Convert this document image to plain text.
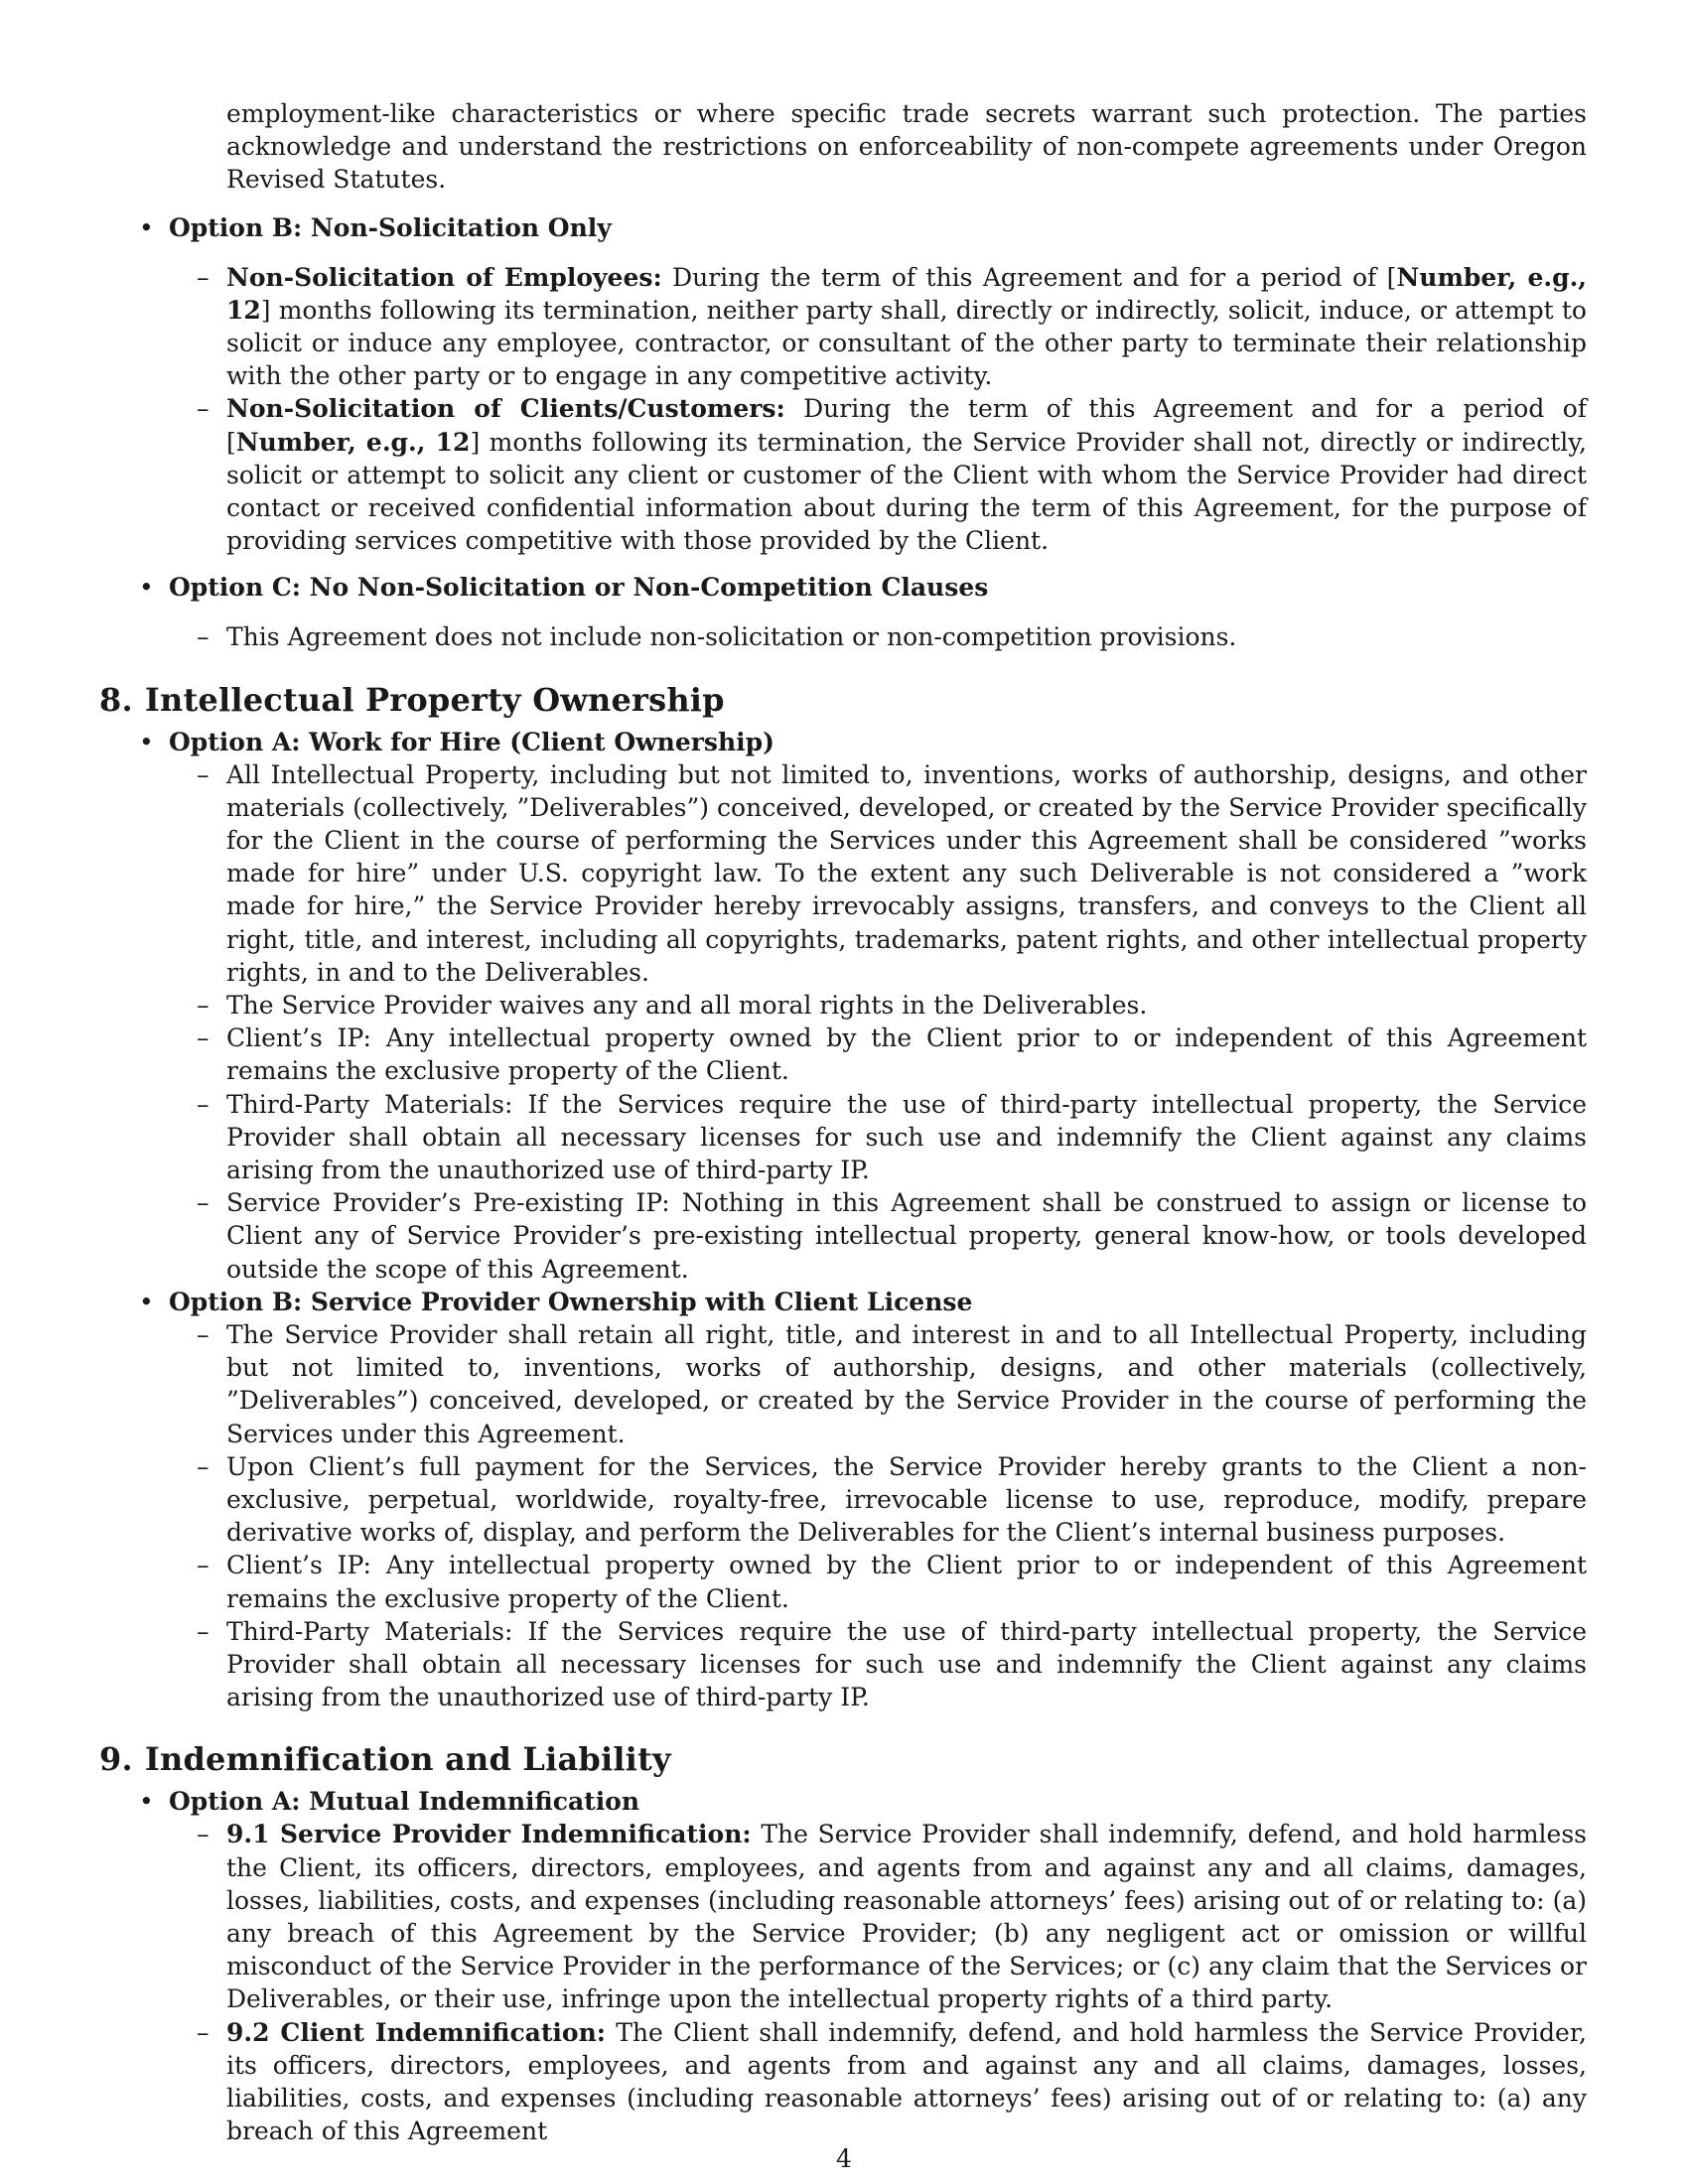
employment-like characteristics or where specific trade secrets warrant such protection. The parties acknowledge and understand the restrictions on enforceability of non-compete agreements under Oregon Revised Statutes.

• Option B: Non-Solicitation Only
– Non-Solicitation of Employees: During the term of this Agreement and for a period of [Number, e.g., 12] months following its termination, neither party shall, directly or indirectly, solicit, induce, or attempt to solicit or induce any employee, contractor, or consultant of the other party to terminate their relationship with the other party or to engage in any competitive activity.
– Non-Solicitation of Clients/Customers: During the term of this Agreement and for a period of [Number, e.g., 12] months following its termination, the Service Provider shall not, directly or indirectly, solicit or attempt to solicit any client or customer of the Client with whom the Service Provider had direct contact or received confidential information about during the term of this Agreement, for the purpose of providing services competitive with those provided by the Client.
• Option C: No Non-Solicitation or Non-Competition Clauses
– This Agreement does not include non-solicitation or non-competition provisions.
8. Intellectual Property Ownership
• Option A: Work for Hire (Client Ownership)
– All Intellectual Property, including but not limited to, inventions, works of authorship, designs, and other materials (collectively, ”Deliverables”) conceived, developed, or created by the Service Provider specifically for the Client in the course of performing the Services under this Agreement shall be considered ”works made for hire” under U.S. copyright law. To the extent any such Deliverable is not considered a ”work made for hire,” the Service Provider hereby irrevocably assigns, transfers, and conveys to the Client all right, title, and interest, including all copyrights, trademarks, patent rights, and other intellectual property rights, in and to the Deliverables.
– The Service Provider waives any and all moral rights in the Deliverables.
– Client’s IP: Any intellectual property owned by the Client prior to or independent of this Agreement remains the exclusive property of the Client.
– Third-Party Materials: If the Services require the use of third-party intellectual property, the Service Provider shall obtain all necessary licenses for such use and indemnify the Client against any claims arising from the unauthorized use of third-party IP.
– Service Provider’s Pre-existing IP: Nothing in this Agreement shall be construed to assign or license to Client any of Service Provider’s pre-existing intellectual property, general know-how, or tools developed outside the scope of this Agreement.
• Option B: Service Provider Ownership with Client License
– The Service Provider shall retain all right, title, and interest in and to all Intellectual Property, including but not limited to, inventions, works of authorship, designs, and other materials (collectively, ”Deliverables”) conceived, developed, or created by the Service Provider in the course of performing the Services under this Agreement.
– Upon Client’s full payment for the Services, the Service Provider hereby grants to the Client a non-exclusive, perpetual, worldwide, royalty-free, irrevocable license to use, reproduce, modify, prepare derivative works of, display, and perform the Deliverables for the Client’s internal business purposes.
– Client’s IP: Any intellectual property owned by the Client prior to or independent of this Agreement remains the exclusive property of the Client.
– Third-Party Materials: If the Services require the use of third-party intellectual property, the Service Provider shall obtain all necessary licenses for such use and indemnify the Client against any claims arising from the unauthorized use of third-party IP.
9. Indemnification and Liability
• Option A: Mutual Indemnification
– 9.1 Service Provider Indemnification: The Service Provider shall indemnify, defend, and hold harmless the Client, its officers, directors, employees, and agents from and against any and all claims, damages, losses, liabilities, costs, and expenses (including reasonable attorneys’ fees) arising out of or relating to: (a) any breach of this Agreement by the Service Provider; (b) any negligent act or omission or willful misconduct of the Service Provider in the performance of the Services; or (c) any claim that the Services or Deliverables, or their use, infringe upon the intellectual property rights of a third party.
– 9.2 Client Indemnification: The Client shall indemnify, defend, and hold harmless the Service Provider, its officers, directors, employees, and agents from and against any and all claims, damages, losses, liabilities, costs, and expenses (including reasonable attorneys’ fees) arising out of or relating to: (a) any breach of this Agreement
4
